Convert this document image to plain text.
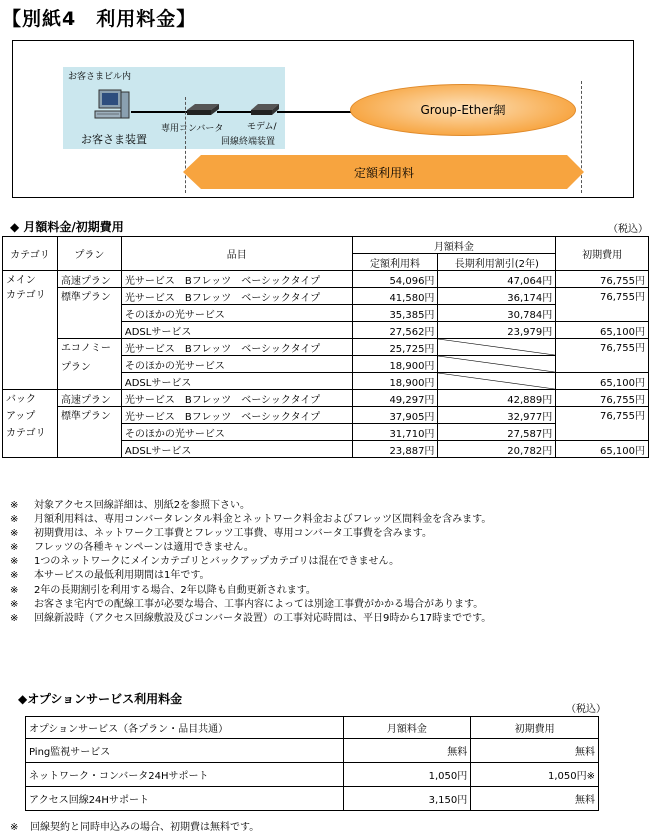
【別紙4　利用料金】
お客さまビル内
お客さま装置
専用コンバータ	モデム/
回線終端装置
Group-Ether網
定額利用料
◆ 月額料金/初期費用	（税込）
カテゴリ	プラン	品目	月額料金		初期費用
			定額利用料	長期利用割引(2年)	

メイン
カテゴリ	高速プラン	光サービス　Bフレッツ　ベーシックタイプ	54,096円	47,064円	76,755円
	標準プラン	光サービス　Bフレッツ　ベーシックタイプ	41,580円	36,174円	76,755円
		そのほかの光サービス	35,385円	30,784円	
		ADSLサービス	27,562円	23,979円	65,100円

	エコノミー
プラン	光サービス　Bフレッツ　ベーシックタイプ	25,725円		76,755円
		そのほかの光サービス	18,900円	

		ADSLサービス	18,900円		65,100円

バック
アップ
カテゴリ	高速プラン	光サービス　Bフレッツ　ベーシックタイプ	49,297円	42,889円	76,755円
	標準プラン	光サービス　Bフレッツ　ベーシックタイプ	37,905円	32,977円	76,755円
		そのほかの光サービス	31,710円	27,587円	
		ADSLサービス	23,887円	20,782円	65,100円
※ 対象アクセス回線詳細は、別紙2を参照下さい。
※ 月額利用料は、専用コンバータレンタル料金とネットワーク料金およびフレッツ区間料金を含みます。
※ 初期費用は、ネットワーク工事費とフレッツ工事費、専用コンバータ工事費を含みます。
※ フレッツの各種キャンペーンは適用できません。
※ 1つのネットワークにメインカテゴリとバックアップカテゴリは混在できません。
※ 本サービスの最低利用期間は1年です。
※ 2年の長期割引を利用する場合、2年以降も自動更新されます。
※ お客さま宅内での配線工事が必要な場合、工事内容によっては別途工事費がかかる場合があります。
※ 回線新設時（アクセス回線敷設及びコンバータ設置）の工事対応時間は、平日9時から17時までです。
◆オプションサービス利用料金
（税込）
オプションサービス（各プラン・品目共通）	月額料金	初期費用
Ping監視サービス	無料	無料
ネットワーク・コンバータ24Hサポート	1,050円	1,050円※
アクセス回線24Hサポート	3,150円	無料
※ 回線契約と同時申込みの場合、初期費は無料です。
